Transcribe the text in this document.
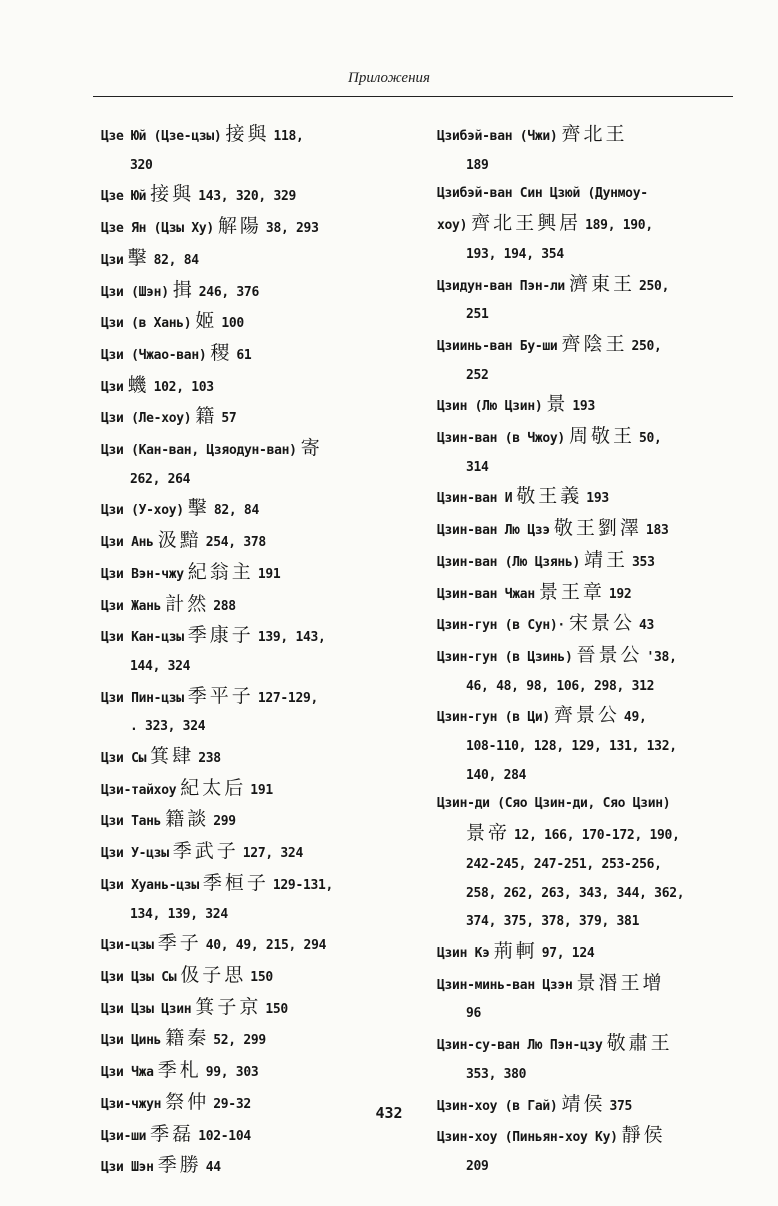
Приложения
Цзе Юй (Цзе-цзы) 接與 118,
320
Цзе Юй 接與 143, 320, 329
Цзе Ян (Цзы Ху) 解陽 38, 293
Цзи 擊 82, 84
Цзи (Шэн) 揖 246, 376
Цзи (в Хань) 姬 100
Цзи (Чжао-ван) 稷 61
Цзи 蟣 102, 103
Цзи (Ле-хоу) 籍 57
Цзи (Кан-ван, Цзяодун-ван) 寄
262, 264
Цзи (У-хоу) 擊 82, 84
Цзи Ань 汲黯 254, 378
Цзи Вэн-чжу 紀翁主 191
Цзи Жань 計然 288
Цзи Кан-цзы 季康子 139, 143,
144, 324
Цзи Пин-цзы 季平子 127-129,
. 323, 324
Цзи Сы 箕肆 238
Цзи-тайхоу 紀太后 191
Цзи Тань 籍談 299
Цзи У-цзы 季武子 127, 324
Цзи Хуань-цзы 季桓子 129-131,
134, 139, 324
Цзи-цзы 季子 40, 49, 215, 294
Цзи Цзы Сы 伋子思 150
Цзи Цзы Цзин 箕子京 150
Цзи Цинь 籍秦 52, 299
Цзи Чжа 季札 99, 303
Цзи-чжун 祭仲 29-32
Цзи-ши 季磊 102-104
Цзи Шэн 季勝 44
Цзибэй-ван (Чжи) 齊北王
189
Цзибэй-ван Син Цзюй (Дунмоу-
хоу) 齊北王興居 189, 190,
193, 194, 354
Цзидун-ван Пэн-ли 濟東王 250,
251
Цзиинь-ван Бу-ши 齊陰王 250,
252
Цзин (Лю Цзин) 景 193
Цзин-ван (в Чжоу) 周敬王 50,
314
Цзин-ван И 敬王義 193
Цзин-ван Лю Цзэ 敬王劉澤 183
Цзин-ван (Лю Цзянь) 靖王 353
Цзин-ван Чжан 景王章 192
Цзин-гун (в Сун)· 宋景公 43
Цзин-гун (в Цзинь) 晉景公 '38,
46, 48, 98, 106, 298, 312
Цзин-гун (в Ци) 齊景公 49,
108-110, 128, 129, 131, 132,
140, 284
Цзин-ди (Сяо Цзин-ди, Сяо Цзин)
景帝 12, 166, 170-172, 190,
242-245, 247-251, 253-256,
258, 262, 263, 343, 344, 362,
374, 375, 378, 379, 381
Цзин Кэ 荊軻 97, 124
Цзин-минь-ван Цзэн 景湣王增
96
Цзин-су-ван Лю Пэн-цзу 敬肅王
353, 380
Цзин-хоу (в Гай) 靖侯 375
Цзин-хоу (Пиньян-хоу Ку) 靜侯
209
432
